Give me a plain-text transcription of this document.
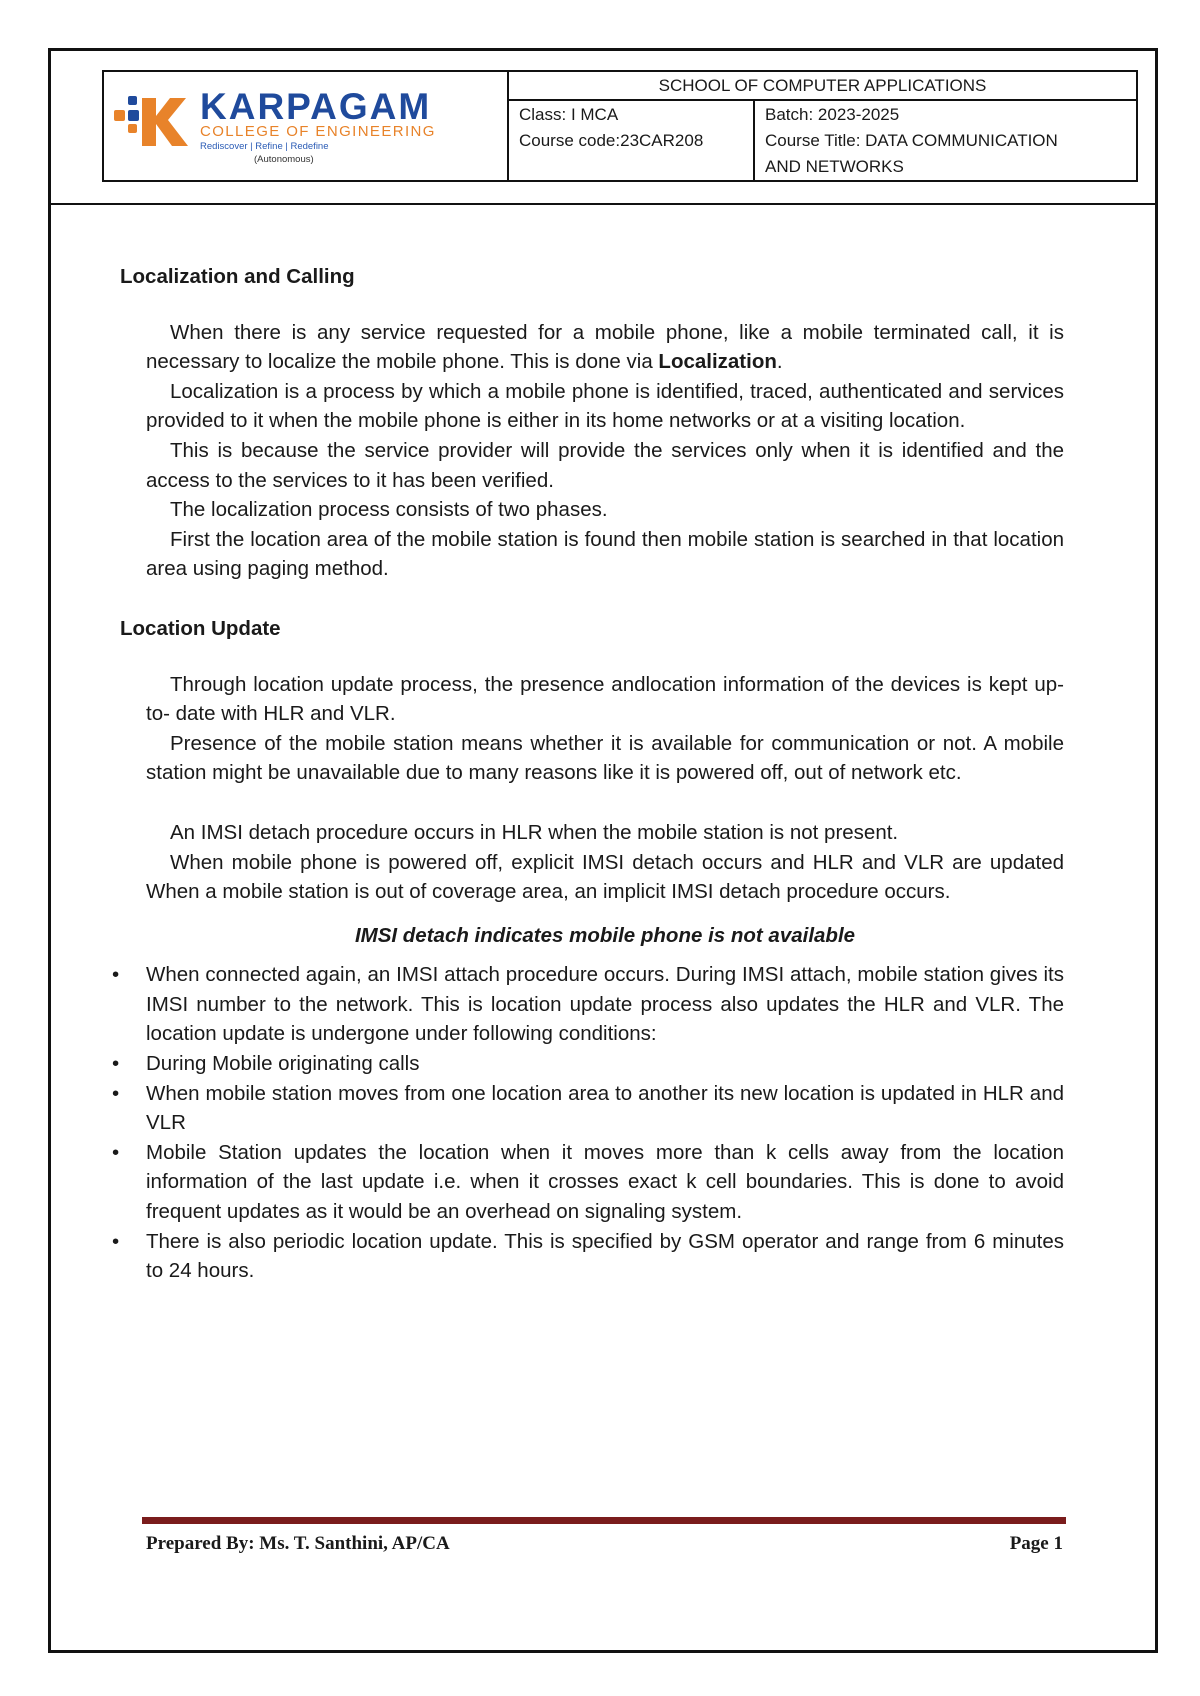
KARPAGAM
COLLEGE OF ENGINEERING
Rediscover | Refine | Redefine
(Autonomous)
SCHOOL OF COMPUTER APPLICATIONS
Class: I MCA
Course code:23CAR208
Batch: 2023-2025
Course Title: DATA COMMUNICATION
AND NETWORKS
Localization and Calling

When there is any service requested for a mobile phone, like a mobile terminated call, it is necessary to localize the mobile phone. This is done via Localization.

Localization is a process by which a mobile phone is identified, traced, authenticated and services provided to it when the mobile phone is either in its home networks or at a visiting location.

This is because the service provider will provide the services only when it is identified and the access to the services to it has been verified.

The localization process consists of two phases.

First the location area of the mobile station is found then mobile station is searched in that location area using paging method.

Location Update

Through location update process, the presence andlocation information of the devices is kept up-to- date with HLR and VLR.

Presence of the mobile station means whether it is available for communication or not. A mobile station might be unavailable due to many reasons like it is powered off, out of network etc.

An IMSI detach procedure occurs in HLR when the mobile station is not present.

When mobile phone is powered off, explicit IMSI detach occurs and HLR and VLR are updated When a mobile station is out of coverage area, an implicit IMSI detach procedure occurs.

IMSI detach indicates mobile phone is not available
• When connected again, an IMSI attach procedure occurs. During IMSI attach, mobile station gives its IMSI number to the network. This is location update process also updates the HLR and VLR. The location update is undergone under following conditions:
• During Mobile originating calls
• When mobile station moves from one location area to another its new location is updated in HLR and VLR
• Mobile Station updates the location when it moves more than k cells away from the location information of the last update i.e. when it crosses exact k cell boundaries. This is done to avoid frequent updates as it would be an overhead on signaling system.
• There is also periodic location update. This is specified by GSM operator and range from 6 minutes to 24 hours.
Prepared By: Ms. T. Santhini, AP/CA	Page 1
